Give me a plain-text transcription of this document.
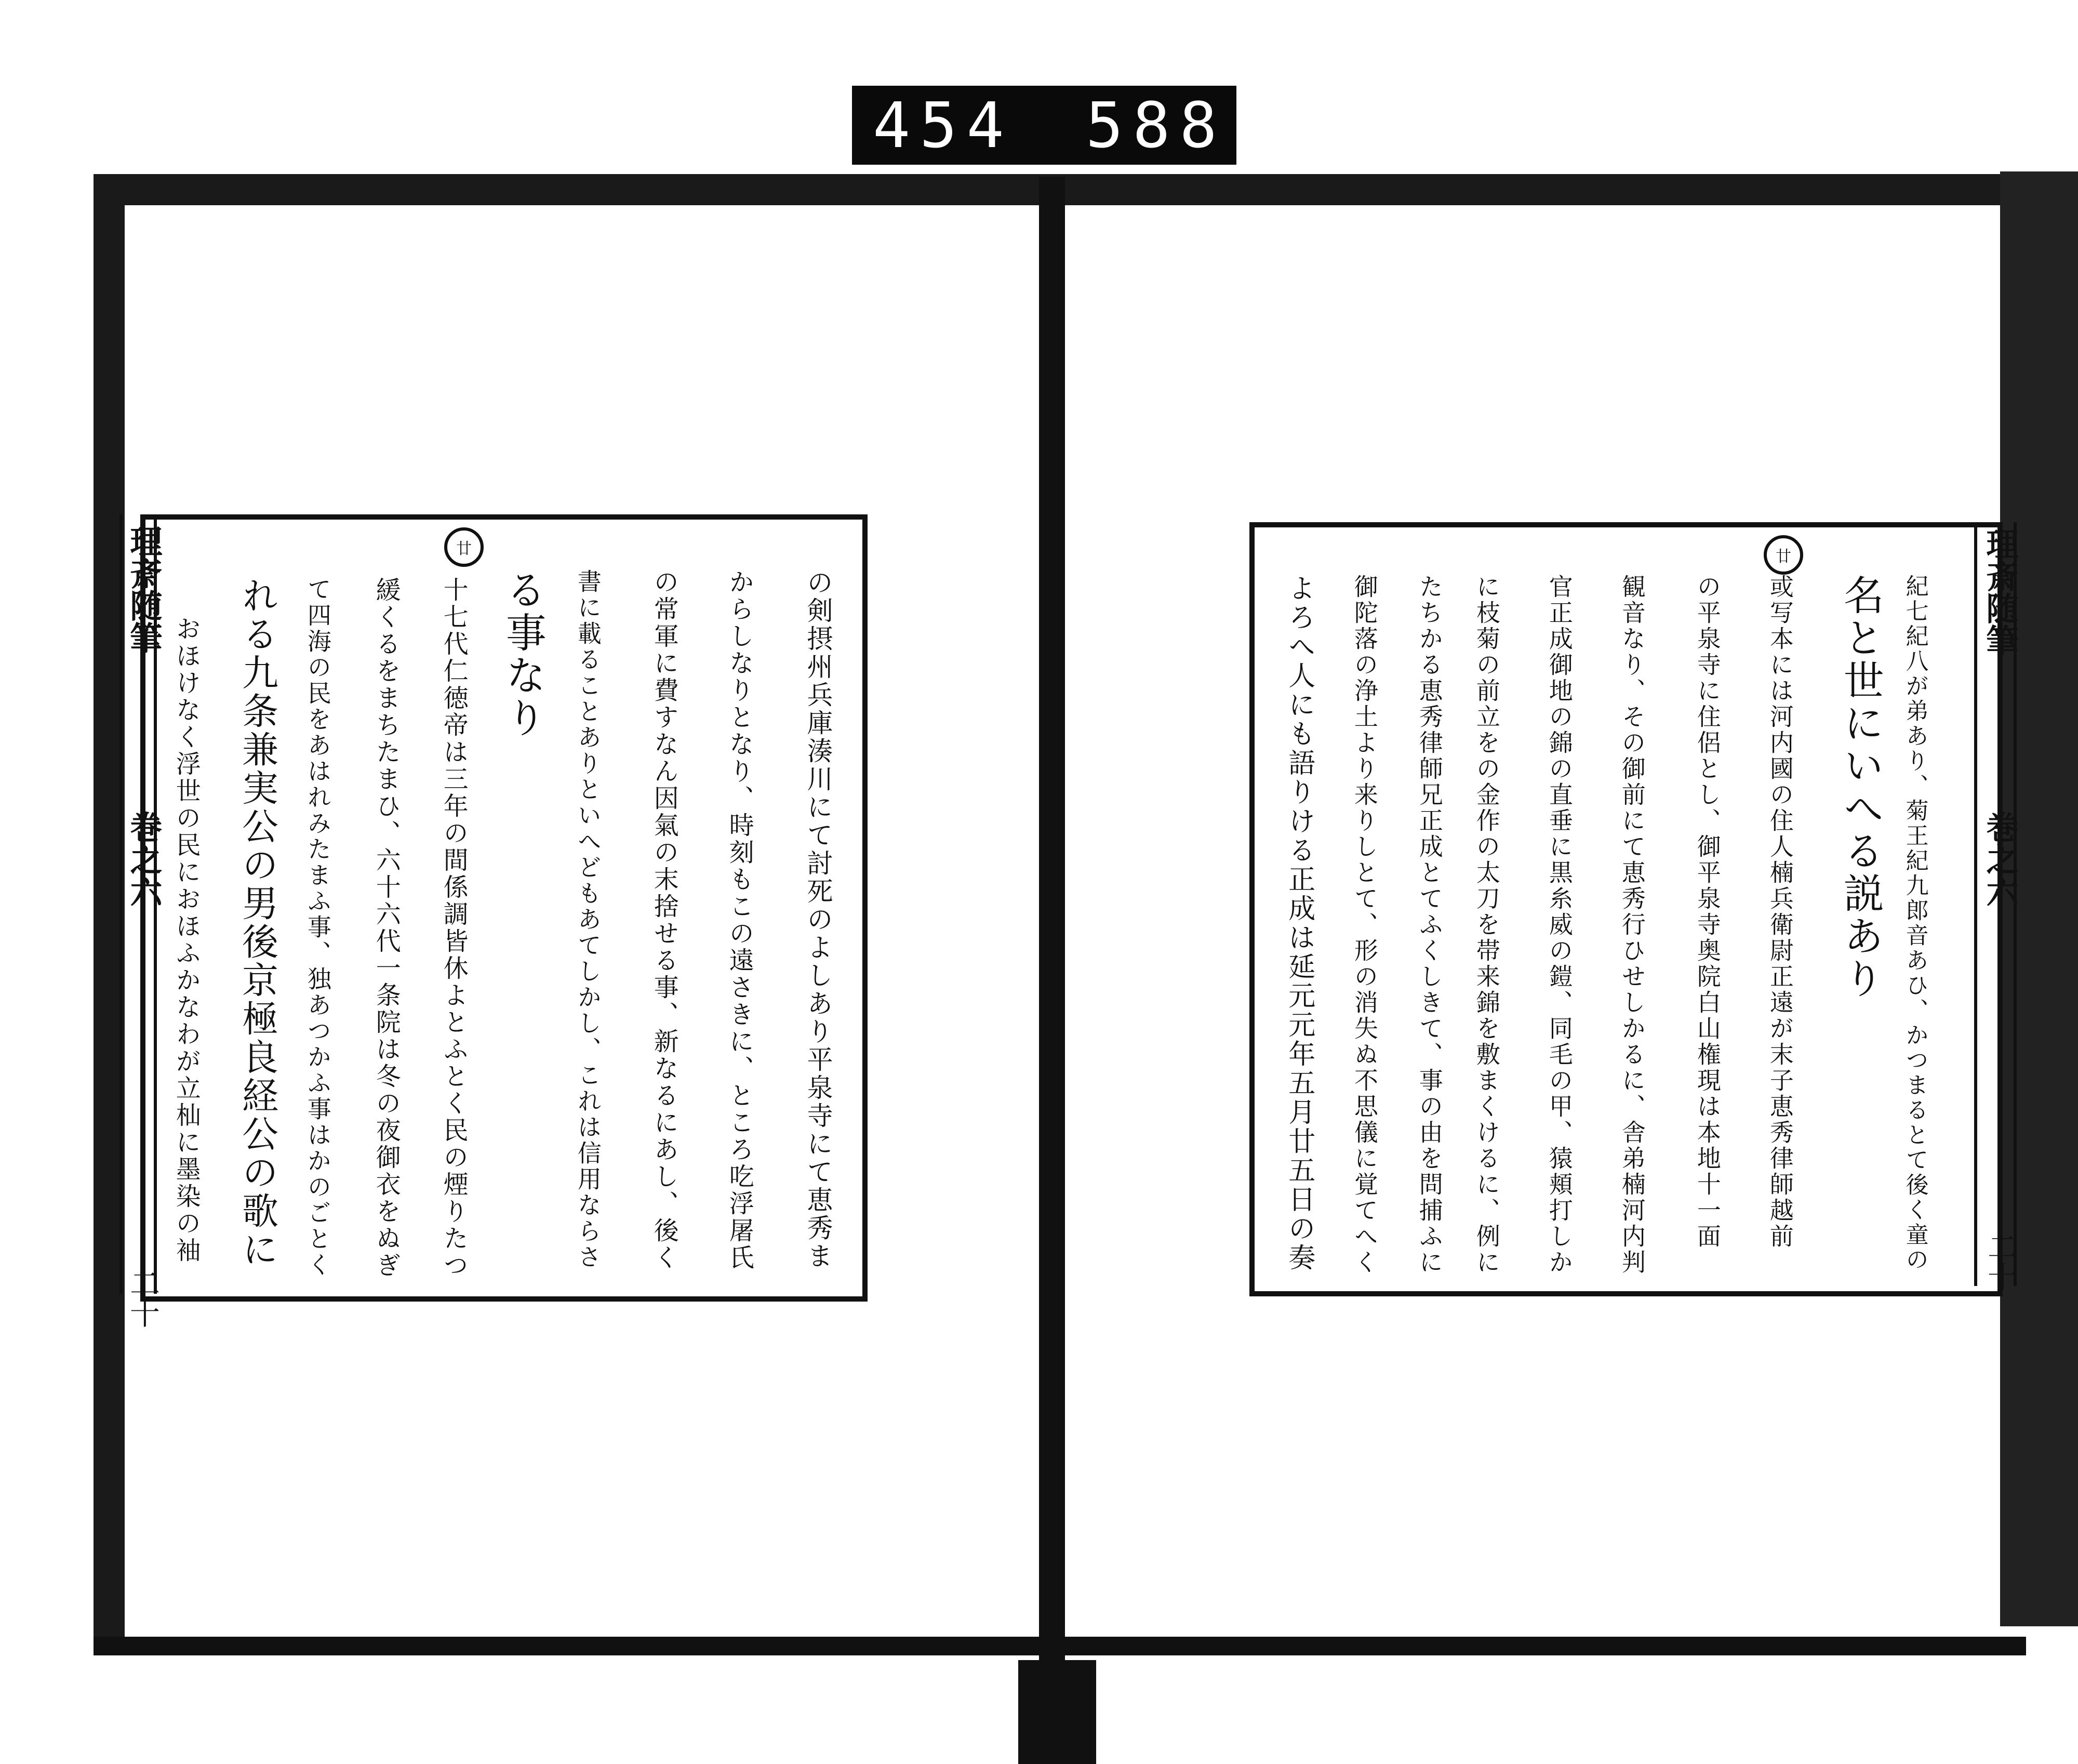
454 588.
理斎随筆
巻之六
二十
廿
の剣摂州兵庫湊川にて討死のよしあり平泉寺にて恵秀ま
からしなりとなり、時刻もこの遠さきに、ところ吃浮屠氏
の常軍に費すなん因氣の末捨せる事、新なるにあし、後く
書に載ることありといへどもあてしかし、これは信用ならさ
る事なり
十七代仁徳帝は三年の間係調皆休よとふとく民の煙りたつ
緩くるをまちたまひ、六十六代一条院は冬の夜御衣をぬぎ
て四海の民をあはれみたまふ事、独あつかふ事はかのごとく
れる九条兼実公の男後京極良経公の歌に
おほけなく浮世の民におほふかなわが立杣に墨染の袖
理斎随筆
巻之六
二十
廿
紀七紀八が弟あり、菊王紀九郎音あひ、かつまるとて後く童の
名と世にいへる説あり
或写本には河内國の住人楠兵衛尉正遠が末子恵秀律師越前
の平泉寺に住侶とし、御平泉寺奥院白山権現は本地十一面
観音なり、その御前にて恵秀行ひせしかるに、舎弟楠河内判
官正成御地の錦の直垂に黒糸威の鎧、同毛の甲、猿頬打しか
に枝菊の前立をの金作の太刀を帯来錦を敷まくけるに、例に
たちかる恵秀律師兄正成とてふくしきて、事の由を問捕ふに
御陀落の浄土より来りしとて、形の消失ぬ不思儀に覚てへく
よろへ人にも語りける正成は延元元年五月廿五日の奏
